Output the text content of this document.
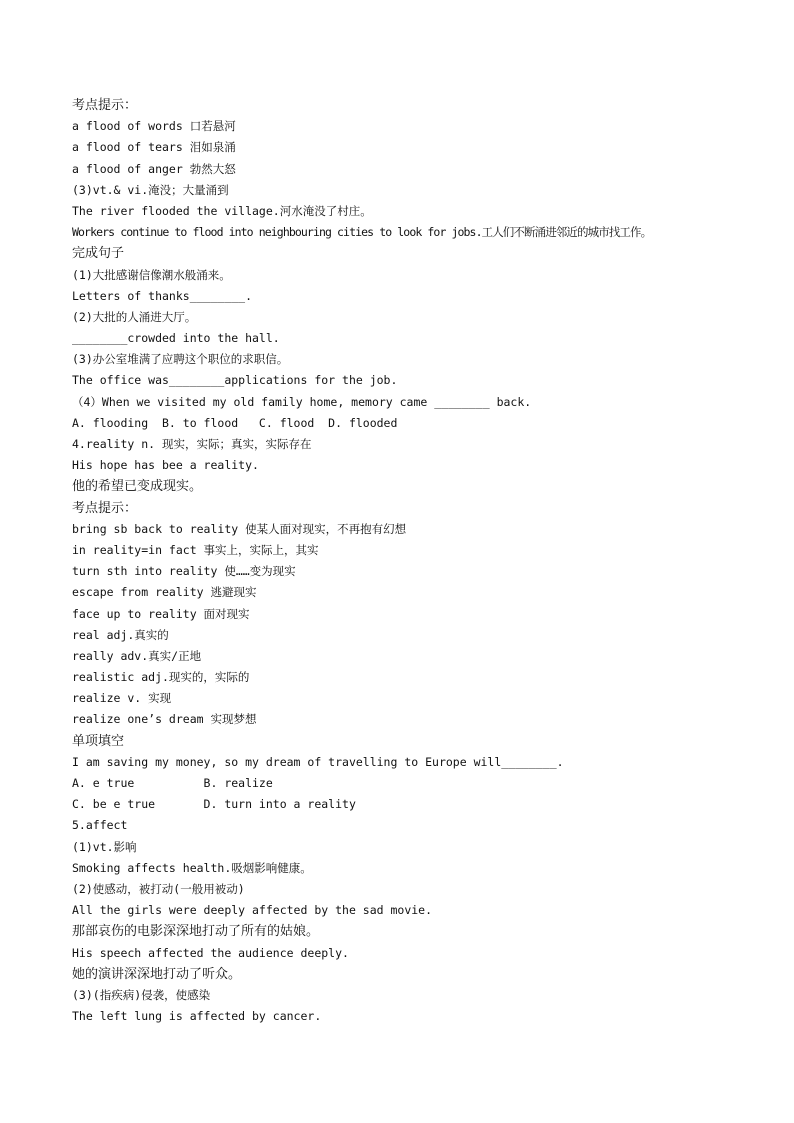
考点提示：
a flood of words 口若悬河
a flood of tears 泪如泉涌
a flood of anger 勃然大怒
(3)vt.& vi.淹没；大量涌到
The river flooded the village.河水淹没了村庄。
Workers continue to flood into neighbouring cities to look for jobs.工人们不断涌进邻近的城市找工作。
完成句子
(1)大批感谢信像潮水般涌来。
Letters of thanks________.
(2)大批的人涌进大厅。
________crowded into the hall.
(3)办公室堆满了应聘这个职位的求职信。
The office was________applications for the job.
（4）When we visited my old family home, memory came ________ back.
A. flooding  B. to flood   C. flood  D. flooded
4.reality n. 现实，实际；真实，实际存在
His hope has bee a reality.
他的希望已变成现实。
考点提示：
bring sb back to reality 使某人面对现实，不再抱有幻想
in reality=in fact 事实上，实际上，其实
turn sth into reality 使……变为现实
escape from reality 逃避现实
face up to reality 面对现实
real adj.真实的
really adv.真实/正地
realistic adj.现实的，实际的
realize v. 实现
realize one’s dream 实现梦想
单项填空
I am saving my money, so my dream of travelling to Europe will________.
A. e true          B. realize
C. be e true       D. turn into a reality
5.affect
(1)vt.影响
Smoking affects health.吸烟影响健康。
(2)使感动，被打动(一般用被动)
All the girls were deeply affected by the sad movie.
那部哀伤的电影深深地打动了所有的姑娘。
His speech affected the audience deeply.
她的演讲深深地打动了听众。
(3)(指疾病)侵袭，使感染
The left lung is affected by cancer.
